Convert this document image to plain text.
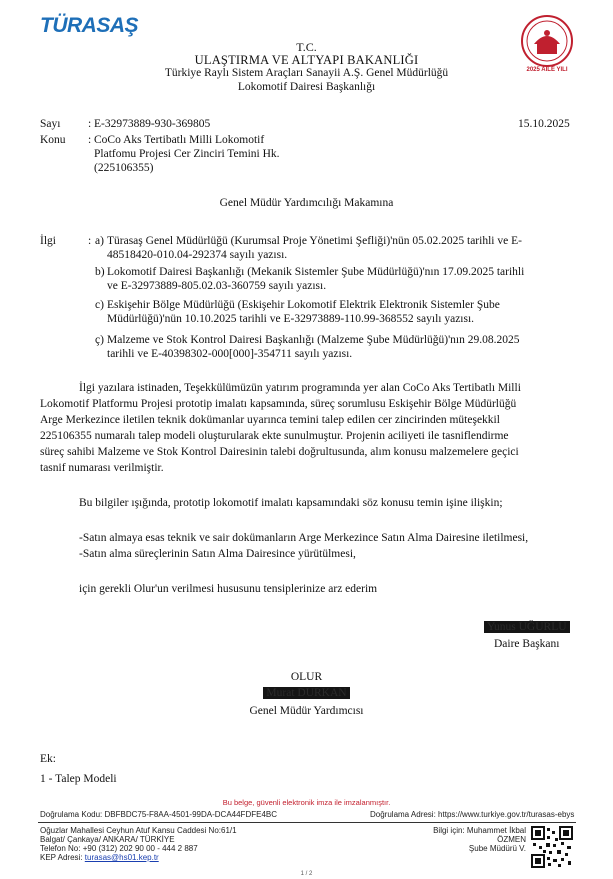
TÜRASAŞ
2025 AİLE YILI
T.C.
ULAŞTIRMA VE ALTYAPI BAKANLIĞI
Türkiye Raylı Sistem Araçları Sanayii A.Ş. Genel Müdürlüğü
Lokomotif Dairesi Başkanlığı
Sayı : E-32973889-930-369805	15.10.2025
Konu : CoCo Aks Tertibatlı Milli Lokomotif
Platfomu Projesi Cer Zinciri Temini Hk.
(225106355)
Genel Müdür Yardımcılığı Makamına
İlgi	: a) Türasaş Genel Müdürlüğü (Kurumsal Proje Yönetimi Şefliği)'nün 05.02.2025 tarihli ve E-
48518420-010.04-292374 sayılı yazısı.
b) Lokomotif Dairesi Başkanlığı (Mekanik Sistemler Şube Müdürlüğü)'nın 17.09.2025 tarihli
ve E-32973889-805.02.03-360759 sayılı yazısı.
c) Eskişehir Bölge Müdürlüğü (Eskişehir Lokomotif Elektrik Elektronik Sistemler Şube
Müdürlüğü)'nün 10.10.2025 tarihli ve E-32973889-110.99-368552 sayılı yazısı.
ç) Malzeme ve Stok Kontrol Dairesi Başkanlığı (Malzeme Şube Müdürlüğü)'nın 29.08.2025
tarihli ve E-40398302-000[000]-354711 sayılı yazısı.
İlgi yazılara istinaden, Teşekkülümüzün yatırım programında yer alan CoCo Aks Tertibatlı Milli
Lokomotif Platformu Projesi prototip imalatı kapsamında, süreç sorumlusu Eskişehir Bölge Müdürlüğü
Arge Merkezince iletilen teknik dokümanlar uyarınca temini talep edilen cer zincirinden müteşekkil
225106355 numaralı talep modeli oluşturularak ekte sunulmuştur. Projenin aciliyeti ile tasniflendirme
süreç sahibi Malzeme ve Stok Kontrol Dairesinin talebi doğrultusunda, alım konusu malzemelere geçici
tasnif numarası verilmiştir.
Bu bilgiler ışığında, prototip lokomotif imalatı kapsamındaki söz konusu temin işine ilişkin;
-Satın almaya esas teknik ve sair dokümanların Arge Merkezince Satın Alma Dairesine iletilmesi,
-Satın alma süreçlerinin Satın Alma Dairesince yürütülmesi,
için gerekli Olur'un verilmesi hususunu tensiplerinize arz ederim
Yunus UĞURLU
Daire Başkanı
OLUR
Murat DURKAN
Genel Müdür Yardımcısı
Ek:
1 - Talep Modeli
Bu belge, güvenli elektronik imza ile imzalanmıştır.
Doğrulama Kodu: DBFBDC75-F8AA-4501-99DA-DCA44FDFE4BC	Doğrulama Adresi: https://www.turkiye.gov.tr/turasas-ebys
Oğuzlar Mahallesi Ceyhun Atuf Kansu Caddesi No:61/1
Balgat/ Çankaya/ ANKARA/ TÜRKİYE
Telefon No: +90 (312) 202 90 00 - 444 2 887
KEP Adresi: turasas@hs01.kep.tr
Bilgi için: Muhammet İkbal
ÖZMEN
Şube Müdürü V.
1 / 2
